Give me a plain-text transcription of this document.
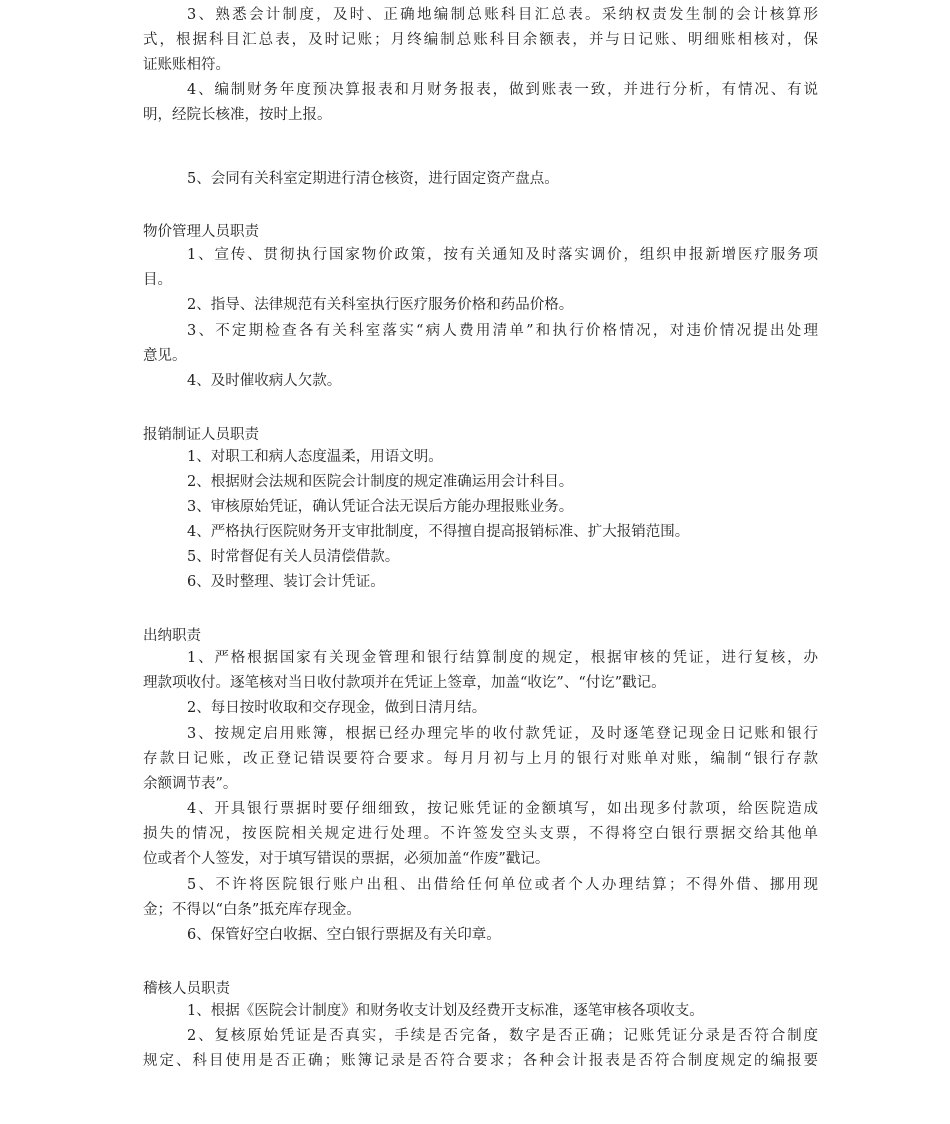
3、熟悉会计制度，及时、正确地编制总账科目汇总表。采纳权责发生制的会计核算形
式，根据科目汇总表，及时记账；月终编制总账科目余额表，并与日记账、明细账相核对，保
证账账相符。
4、编制财务年度预决算报表和月财务报表，做到账表一致，并进行分析，有情况、有说
明，经院长核准，按时上报。
5、会同有关科室定期进行清仓核资，进行固定资产盘点。
物价管理人员职责
1、宣传、贯彻执行国家物价政策，按有关通知及时落实调价，组织申报新增医疗服务项
目。
2、指导、法律规范有关科室执行医疗服务价格和药品价格。
3、不定期检查各有关科室落实“病人费用清单”和执行价格情况，对违价情况提出处理
意见。
4、及时催收病人欠款。
报销制证人员职责
1、对职工和病人态度温柔，用语文明。
2、根据财会法规和医院会计制度的规定准确运用会计科目。
3、审核原始凭证，确认凭证合法无误后方能办理报账业务。
4、严格执行医院财务开支审批制度，不得擅自提高报销标准、扩大报销范围。
5、时常督促有关人员清偿借款。
6、及时整理、装订会计凭证。
出纳职责
1、严格根据国家有关现金管理和银行结算制度的规定，根据审核的凭证，进行复核，办
理款项收付。逐笔核对当日收付款项并在凭证上签章，加盖“收讫”、“付讫”戳记。
2、每日按时收取和交存现金，做到日清月结。
3、按规定启用账簿，根据已经办理完毕的收付款凭证，及时逐笔登记现金日记账和银行
存款日记账，改正登记错误要符合要求。每月月初与上月的银行对账单对账，编制“银行存款
余额调节表”。
4、开具银行票据时要仔细细致，按记账凭证的金额填写，如出现多付款项，给医院造成
损失的情况，按医院相关规定进行处理。不许签发空头支票，不得将空白银行票据交给其他单
位或者个人签发，对于填写错误的票据，必须加盖“作废”戳记。
5、不许将医院银行账户出租、出借给任何单位或者个人办理结算；不得外借、挪用现
金；不得以“白条”抵充库存现金。
6、保管好空白收据、空白银行票据及有关印章。
稽核人员职责
1、根据《医院会计制度》和财务收支计划及经费开支标准，逐笔审核各项收支。
2、复核原始凭证是否真实，手续是否完备，数字是否正确；记账凭证分录是否符合制度
规定、科目使用是否正确；账簿记录是否符合要求；各种会计报表是否符合制度规定的编报要
